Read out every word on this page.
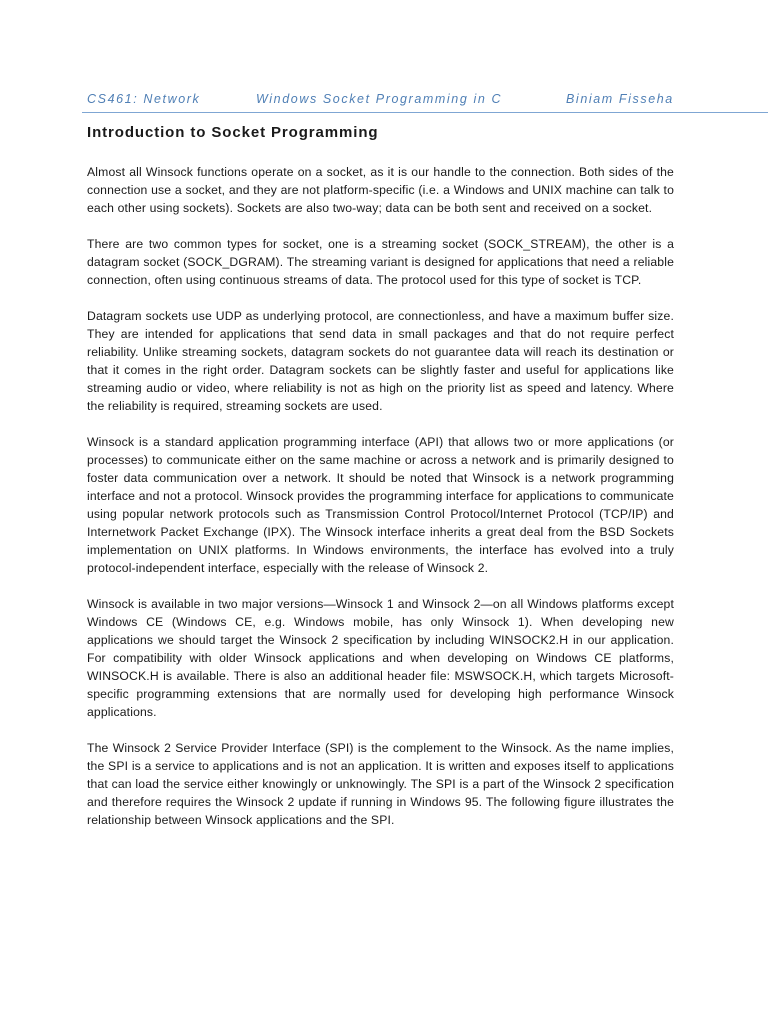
CS461: Network	Windows Socket Programming in C	Biniam Fisseha
Introduction to Socket Programming

Almost all Winsock functions operate on a socket, as it is our handle to the connection. Both sides of the connection use a socket, and they are not platform-specific (i.e. a Windows and UNIX machine can talk to each other using sockets). Sockets are also two-way; data can be both sent and received on a socket.

There are two common types for socket, one is a streaming socket (SOCK_STREAM), the other is a datagram socket (SOCK_DGRAM). The streaming variant is designed for applications that need a reliable connection, often using continuous streams of data. The protocol used for this type of socket is TCP.

Datagram sockets use UDP as underlying protocol, are connectionless, and have a maximum buffer size. They are intended for applications that send data in small packages and that do not require perfect reliability. Unlike streaming sockets, datagram sockets do not guarantee data will reach its destination or that it comes in the right order. Datagram sockets can be slightly faster and useful for applications like streaming audio or video, where reliability is not as high on the priority list as speed and latency. Where the reliability is required, streaming sockets are used.

Winsock is a standard application programming interface (API) that allows two or more applications (or processes) to communicate either on the same machine or across a network and is primarily designed to foster data communication over a network. It should be noted that Winsock is a network programming interface and not a protocol. Winsock provides the programming interface for applications to communicate using popular network protocols such as Transmission Control Protocol/Internet Protocol (TCP/IP) and Internetwork Packet Exchange (IPX). The Winsock interface inherits a great deal from the BSD Sockets implementation on UNIX platforms. In Windows environments, the interface has evolved into a truly protocol-independent interface, especially with the release of Winsock 2.

Winsock is available in two major versions—Winsock 1 and Winsock 2—on all Windows platforms except Windows CE (Windows CE, e.g. Windows mobile, has only Winsock 1). When developing new applications we should target the Winsock 2 specification by including WINSOCK2.H in our application. For compatibility with older Winsock applications and when developing on Windows CE platforms, WINSOCK.H is available. There is also an additional header file: MSWSOCK.H, which targets Microsoft-specific programming extensions that are normally used for developing high performance Winsock applications.

The Winsock 2 Service Provider Interface (SPI) is the complement to the Winsock. As the name implies, the SPI is a service to applications and is not an application. It is written and exposes itself to applications that can load the service either knowingly or unknowingly. The SPI is a part of the Winsock 2 specification and therefore requires the Winsock 2 update if running in Windows 95. The following figure illustrates the relationship between Winsock applications and the SPI.
